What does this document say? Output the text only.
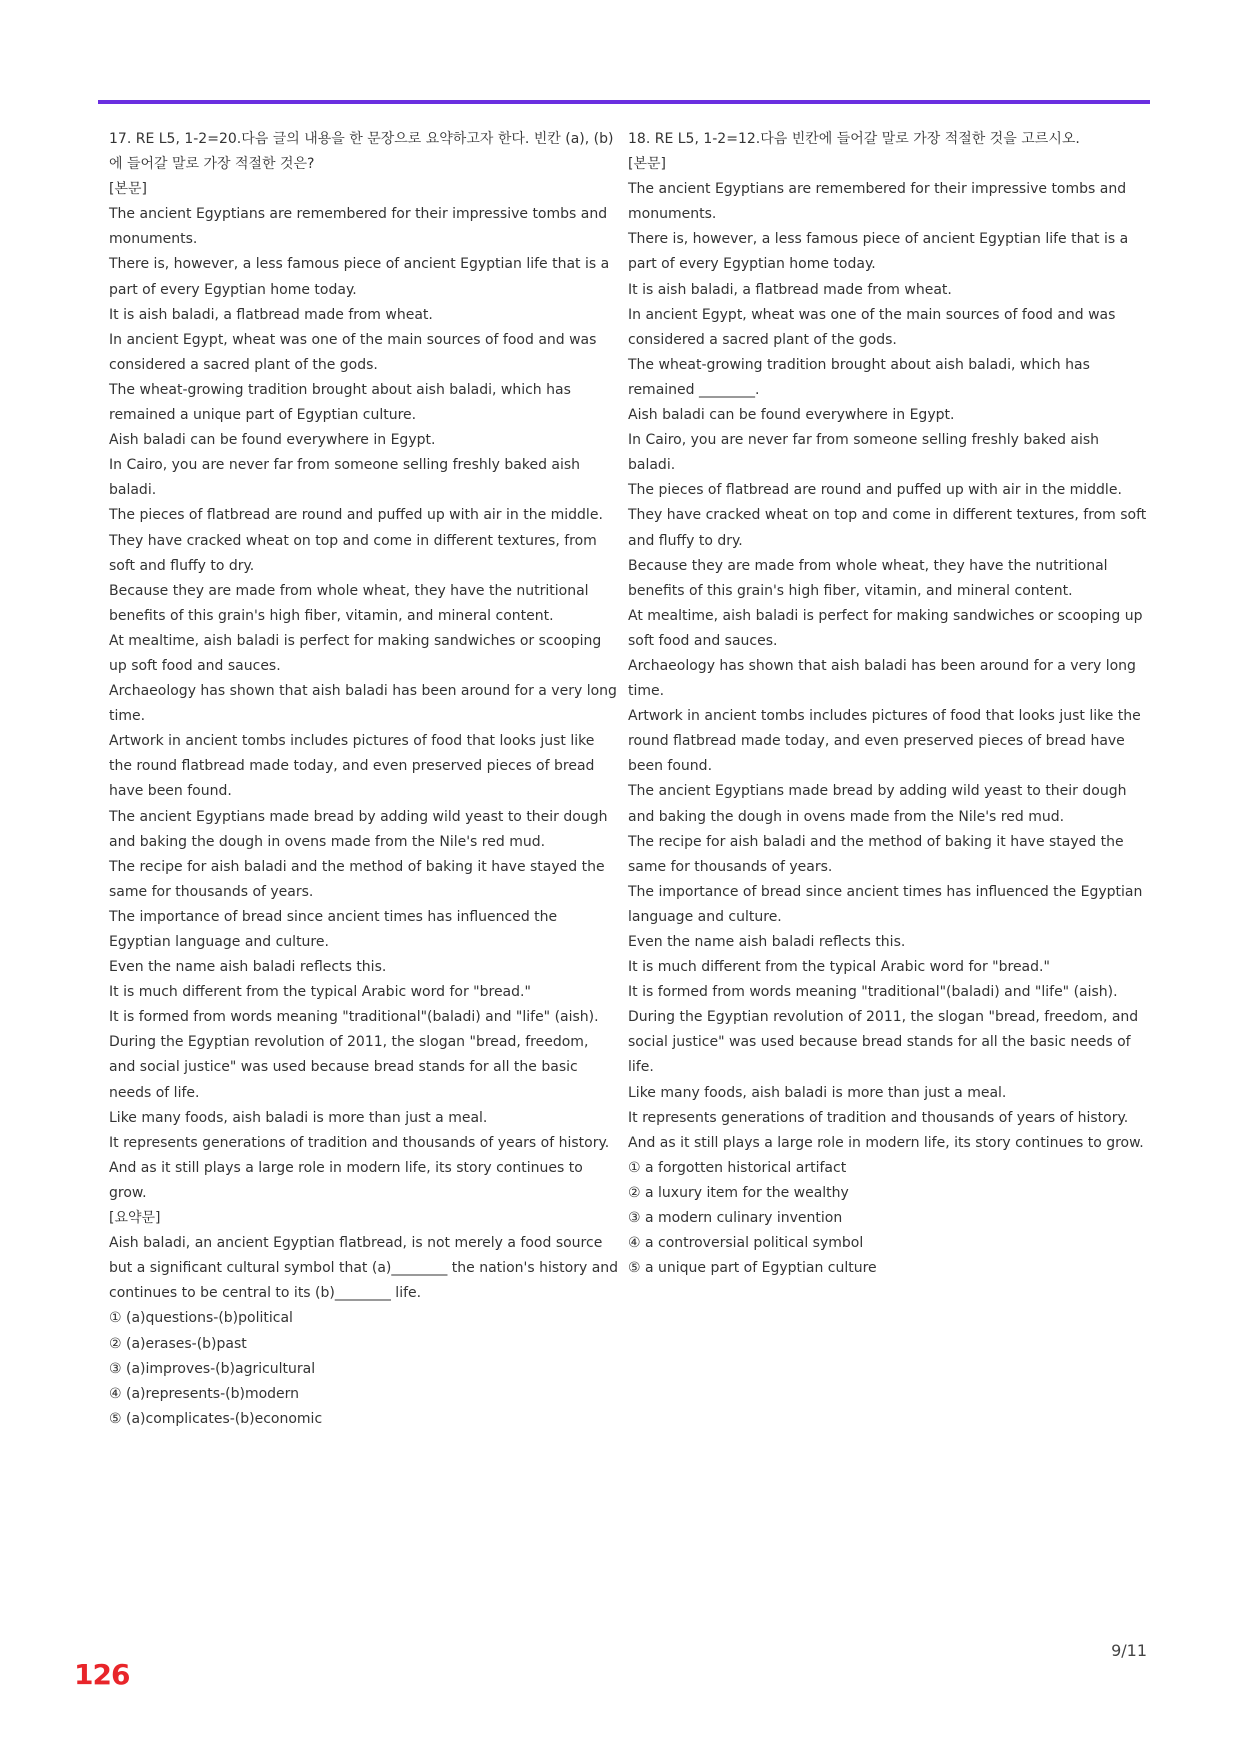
17. RE L5, 1-2=20.다음 글의 내용을 한 문장으로 요약하고자 한다. 빈칸 (a), (b)에 들어갈 말로 가장 적절한 것은?
[본문]
The ancient Egyptians are remembered for their impressive tombs and monuments.
There is, however, a less famous piece of ancient Egyptian life that is a part of every Egyptian home today.
It is aish baladi, a flatbread made from wheat.
In ancient Egypt, wheat was one of the main sources of food and was considered a sacred plant of the gods.
The wheat-growing tradition brought about aish baladi, which has remained a unique part of Egyptian culture.
Aish baladi can be found everywhere in Egypt.
In Cairo, you are never far from someone selling freshly baked aish baladi.
The pieces of flatbread are round and puffed up with air in the middle.
They have cracked wheat on top and come in different textures, from soft and fluffy to dry.
Because they are made from whole wheat, they have the nutritional benefits of this grain's high fiber, vitamin, and mineral content.
At mealtime, aish baladi is perfect for making sandwiches or scooping up soft food and sauces.
Archaeology has shown that aish baladi has been around for a very long time.
Artwork in ancient tombs includes pictures of food that looks just like the round flatbread made today, and even preserved pieces of bread have been found.
The ancient Egyptians made bread by adding wild yeast to their dough and baking the dough in ovens made from the Nile's red mud.
The recipe for aish baladi and the method of baking it have stayed the same for thousands of years.
The importance of bread since ancient times has influenced the Egyptian language and culture.
Even the name aish baladi reflects this.
It is much different from the typical Arabic word for "bread."
It is formed from words meaning "traditional"(baladi) and "life" (aish).
During the Egyptian revolution of 2011, the slogan "bread, freedom, and social justice" was used because bread stands for all the basic needs of life.
Like many foods, aish baladi is more than just a meal.
It represents generations of tradition and thousands of years of history.
And as it still plays a large role in modern life, its story continues to grow.
[요약문]
Aish baladi, an ancient Egyptian flatbread, is not merely a food source but a significant cultural symbol that (a)________ the nation's history and continues to be central to its (b)________ life.
① (a)questions-(b)political
② (a)erases-(b)past
③ (a)improves-(b)agricultural
④ (a)represents-(b)modern
⑤ (a)complicates-(b)economic
18. RE L5, 1-2=12.다음 빈칸에 들어갈 말로 가장 적절한 것을 고르시오.
[본문]
The ancient Egyptians are remembered for their impressive tombs and monuments.
There is, however, a less famous piece of ancient Egyptian life that is a part of every Egyptian home today.
It is aish baladi, a flatbread made from wheat.
In ancient Egypt, wheat was one of the main sources of food and was considered a sacred plant of the gods.
The wheat-growing tradition brought about aish baladi, which has remained ________.
Aish baladi can be found everywhere in Egypt.
In Cairo, you are never far from someone selling freshly baked aish baladi.
The pieces of flatbread are round and puffed up with air in the middle.
They have cracked wheat on top and come in different textures, from soft and fluffy to dry.
Because they are made from whole wheat, they have the nutritional benefits of this grain's high fiber, vitamin, and mineral content.
At mealtime, aish baladi is perfect for making sandwiches or scooping up soft food and sauces.
Archaeology has shown that aish baladi has been around for a very long time.
Artwork in ancient tombs includes pictures of food that looks just like the round flatbread made today, and even preserved pieces of bread have been found.
The ancient Egyptians made bread by adding wild yeast to their dough and baking the dough in ovens made from the Nile's red mud.
The recipe for aish baladi and the method of baking it have stayed the same for thousands of years.
The importance of bread since ancient times has influenced the Egyptian language and culture.
Even the name aish baladi reflects this.
It is much different from the typical Arabic word for "bread."
It is formed from words meaning "traditional"(baladi) and "life" (aish).
During the Egyptian revolution of 2011, the slogan "bread, freedom, and social justice" was used because bread stands for all the basic needs of life.
Like many foods, aish baladi is more than just a meal.
It represents generations of tradition and thousands of years of history.
And as it still plays a large role in modern life, its story continues to grow.
① a forgotten historical artifact
② a luxury item for the wealthy
③ a modern culinary invention
④ a controversial political symbol
⑤ a unique part of Egyptian culture
9/11
126
